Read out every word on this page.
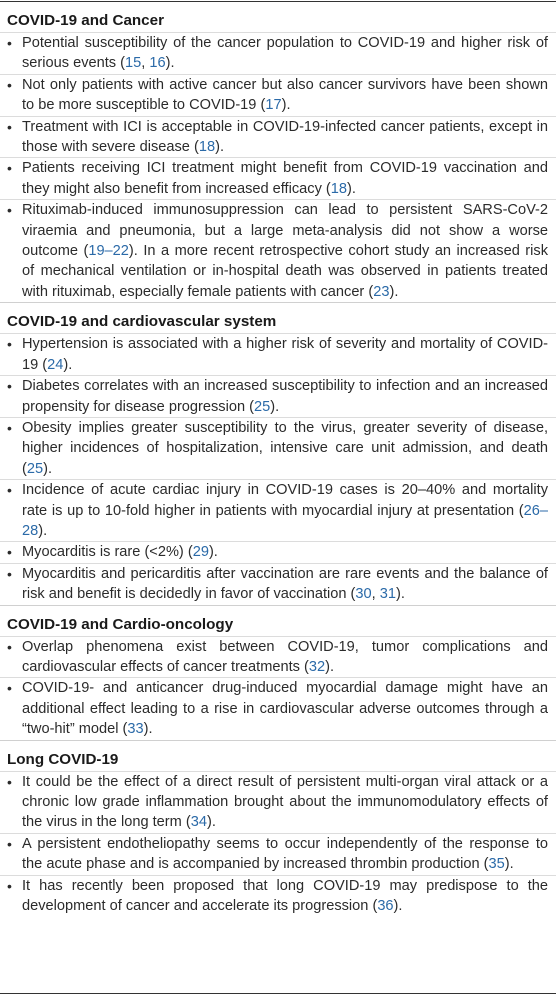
COVID-19 and Cancer
• Potential susceptibility of the cancer population to COVID-19 and higher risk of serious events (15, 16).
• Not only patients with active cancer but also cancer survivors have been shown to be more susceptible to COVID-19 (17).
• Treatment with ICI is acceptable in COVID-19-infected cancer patients, except in those with severe disease (18).
• Patients receiving ICI treatment might benefit from COVID-19 vaccination and they might also benefit from increased efficacy (18).
• Rituximab-induced immunosuppression can lead to persistent SARS-CoV-2 viraemia and pneumonia, but a large meta-analysis did not show a worse outcome (19–22). In a more recent retrospective cohort study an increased risk of mechanical ventilation or in-hospital death was observed in patients treated with rituximab, especially female patients with cancer (23).
COVID-19 and cardiovascular system
• Hypertension is associated with a higher risk of severity and mortality of COVID-19 (24).
• Diabetes correlates with an increased susceptibility to infection and an increased propensity for disease progression (25).
• Obesity implies greater susceptibility to the virus, greater severity of disease, higher incidences of hospitalization, intensive care unit admission, and death (25).
• Incidence of acute cardiac injury in COVID-19 cases is 20–40% and mortality rate is up to 10-fold higher in patients with myocardial injury at presentation (26–28).
• Myocarditis is rare (<2%) (29).
• Myocarditis and pericarditis after vaccination are rare events and the balance of risk and benefit is decidedly in favor of vaccination (30, 31).
COVID-19 and Cardio-oncology
• Overlap phenomena exist between COVID-19, tumor complications and cardiovascular effects of cancer treatments (32).
• COVID-19- and anticancer drug-induced myocardial damage might have an additional effect leading to a rise in cardiovascular adverse outcomes through a “two-hit” model (33).
Long COVID-19
• It could be the effect of a direct result of persistent multi-organ viral attack or a chronic low grade inflammation brought about the immunomodulatory effects of the virus in the long term (34).
• A persistent endotheliopathy seems to occur independently of the response to the acute phase and is accompanied by increased thrombin production (35).
• It has recently been proposed that long COVID-19 may predispose to the development of cancer and accelerate its progression (36).
